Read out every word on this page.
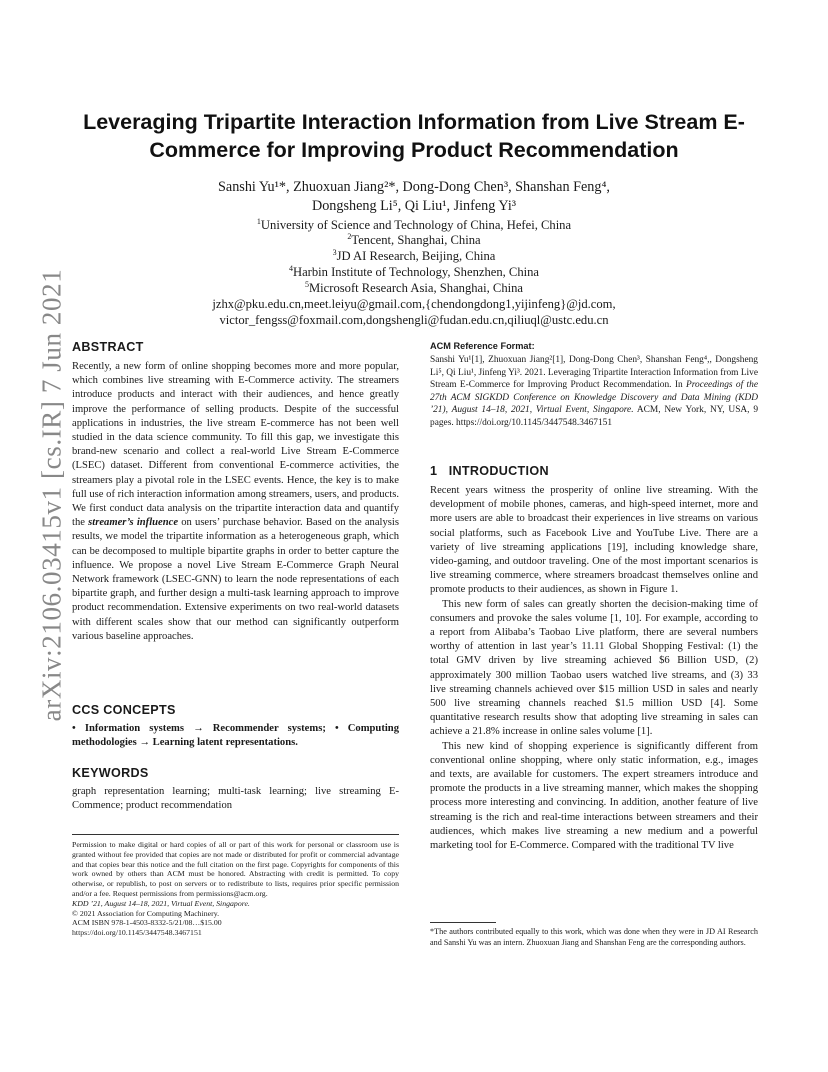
Leveraging Tripartite Interaction Information from Live Stream E-Commerce for Improving Product Recommendation
Sanshi Yu¹*, Zhuoxuan Jiang²*, Dong-Dong Chen³, Shanshan Feng⁴,
Dongsheng Li⁵, Qi Liu¹, Jinfeng Yi³
$^1$University of Science and Technology of China, Hefei, China
$^2$Tencent, Shanghai, China
$^3$JD AI Research, Beijing, China
$^4$Harbin Institute of Technology, Shenzhen, China
$^5$Microsoft Research Asia, Shanghai, China
jzhx@pku.edu.cn,meet.leiyu@gmail.com,{chendongdong1,yijinfeng}@jd.com,
victor_fengss@foxmail.com,dongshengli@fudan.edu.cn,qiliuql@ustc.edu.cn
arXiv:2106.03415v1 [cs.IR] 7 Jun 2021 ABSTRACT
Recently, a new form of online shopping becomes more and more popular, which combines live streaming with E-Commerce activity. The streamers introduce products and interact with their audiences, and hence greatly improve the performance of selling products. Despite of the successful applications in industries, the live stream E-commerce has not been well studied in the data science community. To fill this gap, we investigate this brand-new scenario and collect a real-world Live Stream E-Commerce (LSEC) dataset. Different from conventional E-commerce activities, the streamers play a pivotal role in the LSEC events. Hence, the key is to make full use of rich interaction information among streamers, users, and products. We first conduct data analysis on the tripartite interaction data and quantify the streamer’s influence on users’ purchase behavior. Based on the analysis results, we model the tripartite information as a heterogeneous graph, which can be decomposed to multiple bipartite graphs in order to better capture the influence. We propose a novel Live Stream E-Commerce Graph Neural Network framework (LSEC-GNN) to learn the node representations of each bipartite graph, and further design a multi-task learning approach to improve product recommendation. Extensive experiments on two real-world datasets with different scales show that our method can significantly outperform various baseline approaches.
CCS CONCEPTS
• Information systems → Recommender systems; • Computing methodologies → Learning latent representations.
KEYWORDS
graph representation learning; multi-task learning; live streaming E-Commence; product recommendation
Permission to make digital or hard copies of all or part of this work for personal or classroom use is granted without fee provided that copies are not made or distributed for profit or commercial advantage and that copies bear this notice and the full citation on the first page. Copyrights for components of this work owned by others than ACM must be honored. Abstracting with credit is permitted. To copy otherwise, or republish, to post on servers or to redistribute to lists, requires prior specific permission and/or a fee. Request permissions from permissions@acm.org.
KDD ’21, August 14–18, 2021, Virtual Event, Singapore.
© 2021 Association for Computing Machinery.
ACM ISBN 978-1-4503-8332-5/21/08…$15.00
https://doi.org/10.1145/3447548.3467151
ACM Reference Format:
Sanshi Yu¹[1], Zhuoxuan Jiang²[1], Dong-Dong Chen³, Shanshan Feng⁴,, Dongsheng Li⁵, Qi Liu¹, Jinfeng Yi³. 2021. Leveraging Tripartite Interaction Information from Live Stream E-Commerce for Improving Product Recommendation. In Proceedings of the 27th ACM SIGKDD Conference on Knowledge Discovery and Data Mining (KDD ’21), August 14–18, 2021, Virtual Event, Singapore. ACM, New York, NY, USA, 9 pages. https://doi.org/10.1145/3447548.3467151
1   INTRODUCTION

Recent years witness the prosperity of online live streaming. With the development of mobile phones, cameras, and high-speed internet, more and more users are able to broadcast their experiences in live streams on various social platforms, such as Facebook Live and YouTube Live. There are a variety of live streaming applications [19], including knowledge share, video-gaming, and outdoor traveling. One of the most important scenarios is live streaming commerce, where streamers broadcast themselves online and promote products to their audiences, as shown in Figure 1.

This new form of sales can greatly shorten the decision-making time of consumers and provoke the sales volume [1, 10]. For example, according to a report from Alibaba’s Taobao Live platform, there are several numbers worthy of attention in last year’s 11.11 Global Shopping Festival: (1) the total GMV driven by live streaming achieved $6 Billion USD, (2) approximately 300 million Taobao users watched live streams, and (3) 33 live streaming channels achieved over $15 million USD in sales and nearly 500 live streaming channels reached $1.5 million USD [4]. Some quantitative research results show that adopting live streaming in sales can achieve a 21.8% increase in online sales volume [1].

This new kind of shopping experience is significantly different from conventional online shopping, where only static information, e.g., images and texts, are available for customers. The expert streamers introduce and promote the products in a live streaming manner, which makes the shopping process more interesting and convincing. In addition, another feature of live streaming is the rich and real-time interactions between streamers and their audiences, which makes live streaming a new medium and a powerful marketing tool for E-Commerce. Compared with the traditional TV live

*The authors contributed equally to this work, which was done when they were in JD AI Research and Sanshi Yu was an intern. Zhuoxuan Jiang and Shanshan Feng are the corresponding authors.
